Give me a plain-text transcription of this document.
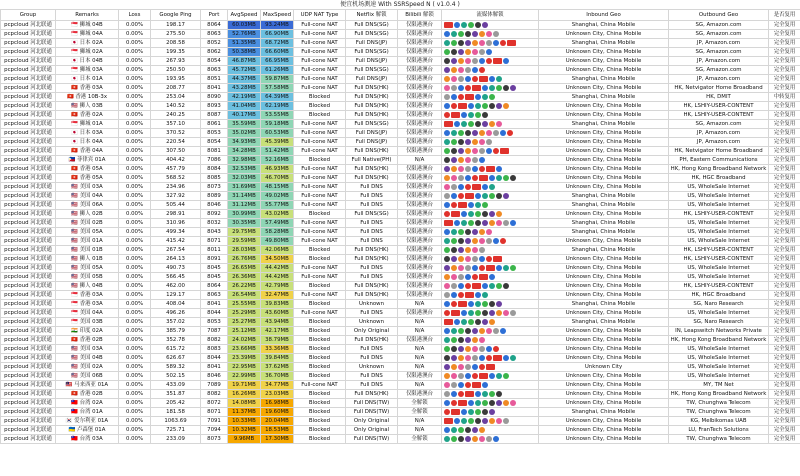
便宜机场测速 With SSRSpeed N ( v1.0.4 )
Group	Remarks	Loss	Google Ping	Port	AvgSpeed	MaxSpeed	UDP NAT Type	Netflix 解锁	Bilibili 解锁	流媒体解锁	Inbound Geo	Outbound Geo	是否复用
pcpcloud 河北联通	🇸🇬 狮城 04B	0.00%	198.17	8064	60.03MB	93.24MB	Full-cone NAT	Full DNS(SG)	仅限港澳台		Shanghai, China Mobile	SG, Amazon.com	完全复用
pcpcloud 河北联通	🇸🇬 狮城 04A	0.00%	275.50	8063	52.76MB	66.90MB	Full-cone NAT	Full DNS(SG)	仅限港澳台		Unknown City, China Mobile	SG, Amazon.com	完全复用
pcpcloud 河北联通	🇯🇵 日本 02A	0.00%	208.58	8052	51.35MB	68.72MB	Full-cone NAT	Full DNS(JP)	仅限港澳台		Shanghai, China Mobile	JP, Amazon.com	完全复用
pcpcloud 河北联通	🇸🇬 狮城 02A	0.00%	199.35	8062	50.38MB	66.60MB	Full-cone NAT	Full DNS(SG)	仅限港澳台		Unknown City, China Mobile	SG, Amazon.com	完全复用
pcpcloud 河北联通	🇯🇵 日本 04B	0.00%	267.93	8054	46.87MB	66.95MB	Full-cone NAT	Full DNS(JP)	仅限港澳台		Unknown City, China Mobile	JP, Amazon.com	完全复用
pcpcloud 河北联通	🇸🇬 狮城 03A	0.00%	250.50	8063	45.72MB	61.26MB	Full-cone NAT	Full DNS(SG)	仅限港澳台		Unknown City, China Mobile	SG, Amazon.com	完全复用
pcpcloud 河北联通	🇯🇵 日本 01A	0.00%	193.95	8051	44.37MB	59.87MB	Full-cone NAT	Full DNS(JP)	仅限港澳台		Shanghai, China Mobile	JP, Amazon.com	完全复用
pcpcloud 河北联通	🇭🇰 香港 03A	0.00%	208.77	8041	43.28MB	57.58MB	Full-cone NAT	Full DNS(HK)	仅限港澳台		Unknown City, China Mobile	HK, Netvigator Home Broadband	完全复用
pcpcloud 河北联通	🇭🇰 香港 10B-3x	0.00%	253.04	8090	42.19MB	64.39MB	Blocked	Full DNS(HK)	仅限港澳台		Shanghai, China Mobile	HK, DMIT	中转复用
pcpcloud 河北联通	🇺🇸 狮人 03B	0.00%	140.52	8093	41.04MB	62.19MB	Blocked	Full DNS(HK)	仅限港澳台		Unknown City, China Mobile	HK, LSHIY-USER-CONTENT	完全复用
pcpcloud 河北联通	🇭🇰 香港 02A	0.00%	240.25	8087	40.17MB	53.55MB	Blocked	Full DNS(HK)	仅限港澳台		Unknown City, China Mobile	HK, LSHIY-USER-CONTENT	完全复用
pcpcloud 河北联通	🇸🇬 狮城 01A	0.00%	357.10	8061	35.59MB	59.18MB	Full-cone NAT	Full DNS(SG)	仅限港澳台		Shanghai, China Mobile	SG, Amazon.com	完全复用
pcpcloud 河北联通	🇯🇵 日本 03A	0.00%	370.52	8053	35.02MB	60.53MB	Full-cone NAT	Full DNS(JP)	仅限港澳台		Unknown City, China Mobile	JP, Amazon.com	完全复用
pcpcloud 河北联通	🇯🇵 日本 04A	0.00%	220.54	8054	34.93MB	45.39MB	Full-cone NAT	Full DNS(JP)	仅限港澳台		Unknown City, China Mobile	JP, Amazon.com	完全复用
pcpcloud 河北联通	🇭🇰 香港 04A	0.00%	307.50	8081	34.28MB	51.42MB	Full-cone NAT	Full DNS(HK)	仅限港澳台		Unknown City, China Mobile	HK, Netvigator Home Broadband	完全复用
pcpcloud 河北联通	🇵🇭 菲律宾 01A	0.00%	404.42	7086	32.98MB	52.16MB	Blocked	Full Native(PH)	N/A		Unknown City, China Mobile	PH, Eastern Communications	完全复用
pcpcloud 河北联通	🇭🇰 香港 05A	0.00%	457.79	8084	32.53MB	46.93MB	Full-cone NAT	Full DNS(HK)	仅限港澳台		Unknown City, China Mobile	HK, Hong Kong Broadband Network	完全复用
pcpcloud 河北联通	🇭🇰 香港 05A	0.00%	568.52	8085	32.03MB	46.70MB	Full-cone NAT	Full DNS(HK)	仅限港澳台		Unknown City, China Mobile	HK, HGC Broadband	完全复用
pcpcloud 河北联通	🇺🇸 美国 03A	0.00%	234.96	8073	31.69MB	48.15MB	Full-cone NAT	Full DNS	仅限港澳台		Unknown City, China Mobile	US, WholeSale Internet	完全复用
pcpcloud 河北联通	🇺🇸 美国 04A	0.00%	327.92	8089	31.14MB	49.02MB	Full-cone NAT	Full DNS	仅限港澳台		Shanghai, China Mobile	US, WholeSale Internet	完全复用
pcpcloud 河北联通	🇺🇸 美国 06A	0.00%	505.44	8046	31.12MB	55.77MB	Full-cone NAT	Full DNS	仅限港澳台		Shanghai, China Mobile	US, WholeSale Internet	完全复用
pcpcloud 河北联通	🇺🇸 狮人 02B	0.00%	298.91	8092	30.99MB	43.02MB	Blocked	Full DNS(SG)	仅限港澳台		Unknown City, China Mobile	HK, LSHIY-USER-CONTENT	完全复用
pcpcloud 河北联通	🇺🇸 美国 02B	0.00%	310.96	8032	30.35MB	57.49MB	Full-cone NAT	Full DNS	仅限港澳台		Shanghai, China Mobile	US, WholeSale Internet	完全复用
pcpcloud 河北联通	🇺🇸 美国 05A	0.00%	499.34	8043	29.75MB	58.28MB	Full-cone NAT	Full DNS	仅限港澳台		Shanghai, China Mobile	US, WholeSale Internet	完全复用
pcpcloud 河北联通	🇺🇸 美国 01A	0.00%	415.42	8071	29.59MB	49.80MB	Full-cone NAT	Full DNS	仅限港澳台		Unknown City, China Mobile	US, WholeSale Internet	完全复用
pcpcloud 河北联通	🇺🇸 美国 01B	0.00%	267.54	8011	28.03MB	42.06MB	Blocked	Full DNS(HK)	仅限港澳台		Shanghai, China Mobile	HK, LSHIY-USER-CONTENT	完全复用
pcpcloud 河北联通	🇺🇸 狮人 01B	0.00%	264.13	8091	26.76MB	34.50MB	Blocked	Full DNS(HK)	仅限港澳台		Unknown City, China Mobile	HK, LSHIY-USER-CONTENT	完全复用
pcpcloud 河北联通	🇺🇸 美国 05A	0.00%	490.73	8045	26.65MB	44.42MB	Full-cone NAT	Full DNS	仅限港澳台		Unknown City, China Mobile	US, WholeSale Internet	完全复用
pcpcloud 河北联通	🇺🇸 美国 05B	0.00%	566.45	8045	26.36MB	44.42MB	Full-cone NAT	Full DNS	仅限港澳台		Unknown City, China Mobile	US, WholeSale Internet	完全复用
pcpcloud 河北联通	🇺🇸 狮人 04B	0.00%	462.00	8064	26.22MB	42.79MB	Blocked	Full DNS(HK)	仅限港澳台		Unknown City, China Mobile	HK, LSHIY-USER-CONTENT	完全复用
pcpcloud 河北联通	🇸🇬 香港 03A	0.00%	129.17	8063	26.54MB	32.47MB	Full-cone NAT	Full DNS(HK)	仅限港澳台		Unknown City, China Mobile	HK, HGC Broadband	完全复用
pcpcloud 河北联通	🇸🇬 香港 03A	0.00%	408.04	8041	25.55MB	39.83MB	Blocked	Unknown	N/A		Shanghai, China Mobile	SG, Naro Research	完全复用
pcpcloud 河北联通	🇸🇬 美国 04A	0.00%	496.26	8044	25.29MB	43.60MB	Full-cone NAT	Full DNS	仅限港澳台		Unknown City, China Mobile	US, WholeSale Internet	完全复用
pcpcloud 河北联通	🇸🇬 美国 03B	0.00%	357.02	8053	25.27MB	43.94MB	Blocked	Unknown	N/A		Shanghai, China Mobile	SG, Naro Research	完全复用
pcpcloud 河北联通	🇮🇳 印度 02A	0.00%	385.79	7087	25.12MB	42.17MB	Blocked	Only Original	N/A		Unknown City, China Mobile	IN, Leapswitch Networks Private	完全复用
pcpcloud 河北联通	🇭🇰 香港 02B	0.00%	352.78	8082	24.02MB	38.79MB	Blocked	Full DNS(HK)	仅限港澳台		Unknown City, China Mobile	HK, Hong Kong Broadband Network	完全复用
pcpcloud 河北联通	🇺🇸 美国 03A	0.00%	615.72	8083	23.66MB	33.36MB	Blocked	Full DNS	N/A		Unknown City, China Mobile	US, WholeSale Internet	完全复用
pcpcloud 河北联通	🇺🇸 美国 04B	0.00%	626.67	8044	23.39MB	39.84MB	Blocked	Full DNS	N/A		Unknown City, China Mobile	US, WholeSale Internet	完全复用
pcpcloud 河北联通	🇺🇸 美国 02A	0.00%	589.32	8041	22.95MB	37.62MB	Blocked	Unknown	N/A		Unknown City	US, WholeSale Internet	完全复用
pcpcloud 河北联通	🇺🇸 美国 06B	0.00%	502.15	8046	22.99MB	36.70MB	Blocked	Full DNS	仅限港澳台		Unknown City, China Mobile	US, WholeSale Internet	完全复用
pcpcloud 河北联通	🇲🇾 马来西亚 01A	0.00%	433.09	7089	19.71MB	34.77MB	Full-cone NAT	Full DNS	N/A		Unknown City, China Mobile	MY, TM Net	完全复用
pcpcloud 河北联通	🇭🇰 香港 02B	0.00%	351.87	8082	16.26MB	23.03MB	Blocked	Full DNS(HK)	仅限港澳台		Unknown City, China Mobile	HK, Hong Kong Broadband Network	完全复用
pcpcloud 河北联通	🇹🇼 台湾 02A	0.00%	205.42	8072	14.08MB	16.98MB	Blocked	Full DNS(TW)	全解锁		Unknown City, China Mobile	TW, Chunghwa Telecom	完全复用
pcpcloud 河北联通	🇹🇼 台湾 01A	0.00%	181.58	8071	11.37MB	19.60MB	Blocked	Full DNS(TW)	全解锁		Shanghai, China Mobile	TW, Chunghwa Telecom	完全复用
pcpcloud 河北联通	🇰🇷 爱尔利亚 01A	0.00%	1063.69	7091	10.33MB	20.04MB	Blocked	Only Original	N/A		Unknown City, China Mobile	KG, Melbikomas UAB	完全复用
pcpcloud 河北联通	🇺🇦 卢森堡 01A	0.00%	725.71	7094	10.32MB	18.53MB	Blocked	Only Original	N/A		Unknown City, China Mobile	LU, FranTech Solutions	完全复用
pcpcloud 河北联通	🇹🇼 台湾 03A	0.00%	233.09	8073	9.96MB	17.30MB	Blocked	Full DNS(TW)	全解锁		Unknown City, China Mobile	TW, Chunghwa Telecom	完全复用
